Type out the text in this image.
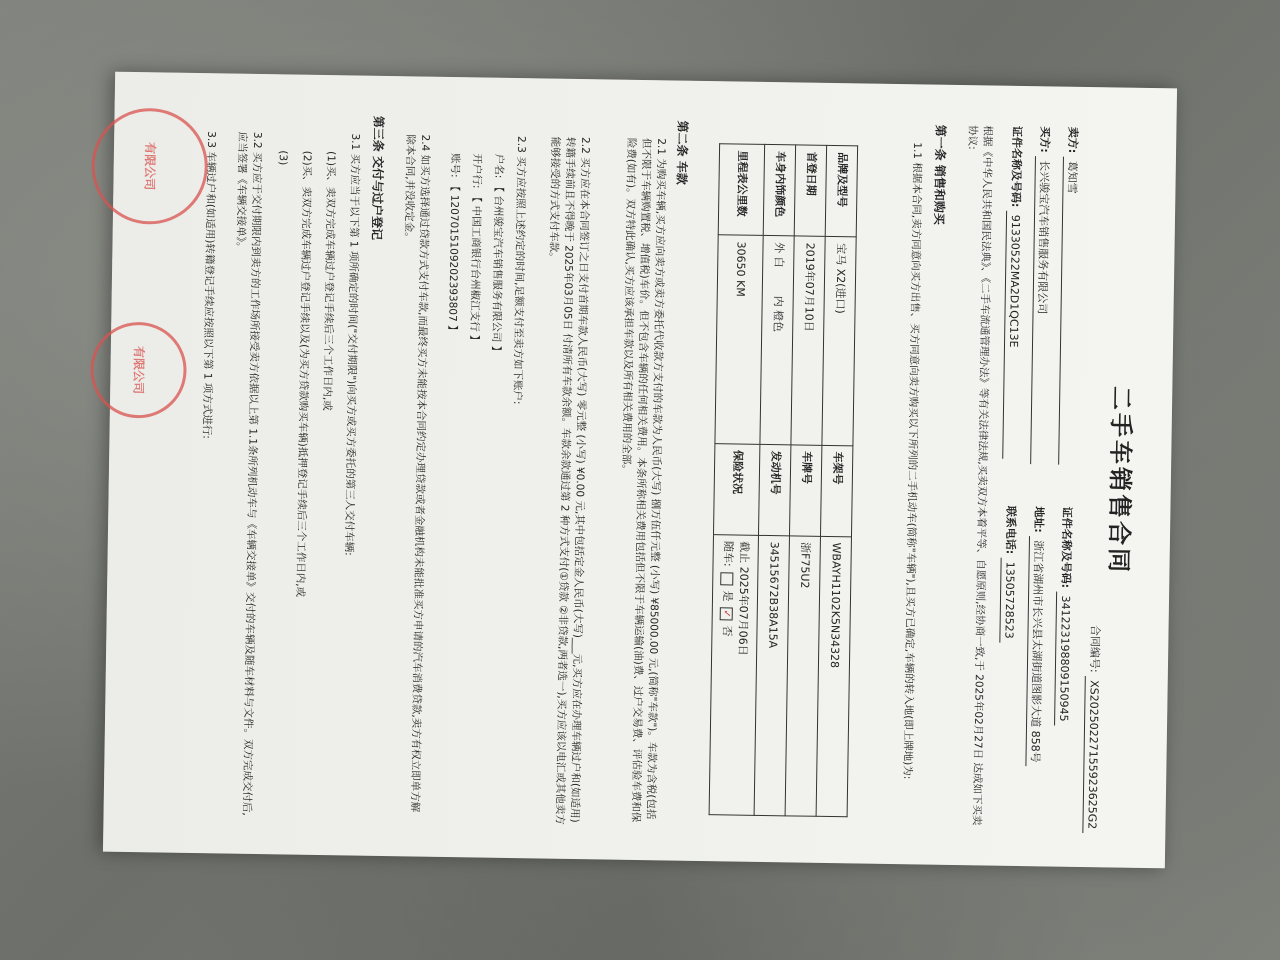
二手车销售合同
合同编号: XS20250227155923625G2
卖方: 葛知雪
证件名称及号码: 341223198809150945
买方: 长兴骏宝汽车销售服务有限公司
地址: 浙江省湖州市长兴县太湖街道图影大道 858号
证件名称及号码: 91330522MA2D1QC13E
联系电话: 13505728523
根据《中华人民共和国民法典》、《二手车流通管理办法》等有关法律法规,买卖双方本着平等、自愿原则,经协商一致,于 2025年02月27日 达成如下买卖协议:
第一条 销售和购买
1.1 根据本合同,卖方同意向买方出售、买方同意向卖方购买以下所列的二手机动车(简称"车辆"),且买方已确定,车辆的转入地(即上牌地)为:
品牌及型号	宝马 X2(进口)	车架号	WBAYH1102K5N34328
首登日期	2019年07月10日	车牌号	浙F75U2
车身内饰颜色	外 白        内 橙色	发动机号	34515672B38A15A
里程表公里数	30650 KM	保险状况	截止 2025年07月06日
随车:  是 ✓ 否
第二条 车款
2.1 为购买车辆,买方应向卖方或卖方委托代收款方支付的车款为人民币(大写) 捌万伍仟元整 (小写) ¥85000.00 元,(简称"车款")。车款为含税(包括但不限于车辆购置税、增值税)车价。但不包含车辆的任何相关费用。本条所称相关费用包括但不限于车辆运输(油)费、过户交易费、评估验车费和保险费(如有)。双方特此确认,买方应该承担车款以及所有相关费用的全部。
2.2 买方应在本合同签订之日支付首期车款人民币(大写) 零元整 (小写) ¥0.00 元,其中包括定金人民币(大写)___元,买方应在办理车辆过户和(如适用)转籍手续前且不得晚于 2025年03月05日 付清所有车款余额。车款余款通过第 2 种方式支付(①贷款 ②非贷款,两者选一),买方应该以电汇或其他卖方能够接受的方式支付车款。
2.3 买方应按照上述约定的时间,足额支付至卖方如下账户:
户名: 【 台州骏宝汽车销售服务有限公司 】
开户行: 【 中国工商银行台州椒江支行 】
账号: 【 1207015109202393807 】
2.4 如买方选择通过贷款方式支付车款,而最终买方未能按本合同约定办理贷款或者金融机构未能批准买方申请的汽车消费贷款,卖方有权立即单方解除本合同,并没收定金。
第三条 交付与过户登记
3.1 买方应当于以下第 1 项所确定的时间("交付期限")向买方或买方委托的第三人交付车辆:
(1)买、卖双方完成车辆过户登记手续后三个工作日内,或
(2)买、卖双方完成车辆过户登记手续以及(为买方贷款购买车辆)抵押登记手续后三个工作日内,或
(3)
3.2 买方应于交付期限内到卖方的工作场所接受卖方依据以上第 1.1条所列机动车与《车辆交接单》交付的车辆及随车材料与文件。双方完成交付后,应当签署《车辆交接单》。
3.3 车辆过户和(如适用)转籍登记手续应按照以下第 1 项方式进行:
有限公司
有限公司
